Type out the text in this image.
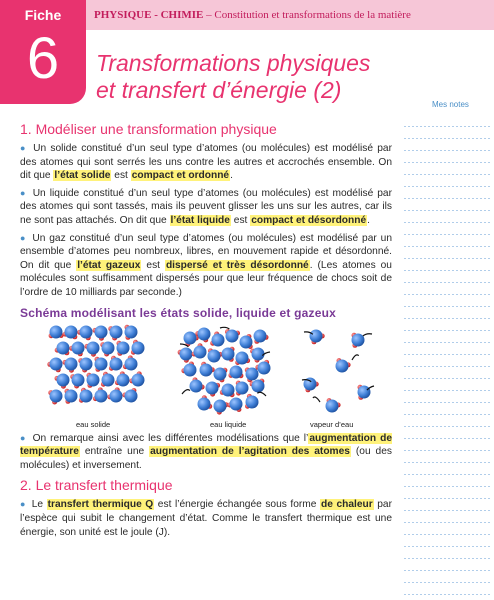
Fiche
6
PHYSIQUE - CHIMIE – Constitution et transformations de la matière
Transformations physiques
et transfert d’énergie (2)
Mes notes
1. Modéliser une transformation physique

● Un solide constitué d’un seul type d’atomes (ou molécules) est modélisé par des atomes qui sont serrés les uns contre les autres et accrochés ensemble. On dit que l’état solide est compact et ordonné.

● Un liquide constitué d’un seul type d’atomes (ou molécules) est modélisé par des atomes qui sont tassés, mais ils peuvent glisser les uns sur les autres, car ils ne sont pas attachés. On dit que l’état liquide est compact et désordonné.

● Un gaz constitué d’un seul type d’atomes (ou molécules) est modélisé par un ensemble d’atomes peu nombreux, libres, en mouvement rapide et désordonné. On dit que l’état gazeux est dispersé et très désordonné. (Les atomes ou molécules sont suffisamment dispersés pour que leur fréquence de chocs soit de l’ordre de 10 milliards par seconde.)

Schéma modélisant les états solide, liquide et gazeux
eau solide	eau liquide	vapeur d’eau

● On remarque ainsi avec les différentes modélisations que l’augmentation de température entraîne une augmentation de l’agitation des atomes (ou des molécules) et inversement.

2. Le transfert thermique

● Le transfert thermique Q est l’énergie échangée sous forme de chaleur par l’espèce qui subit le changement d’état. Comme le transfert thermique est une énergie, son unité est le joule (J).
